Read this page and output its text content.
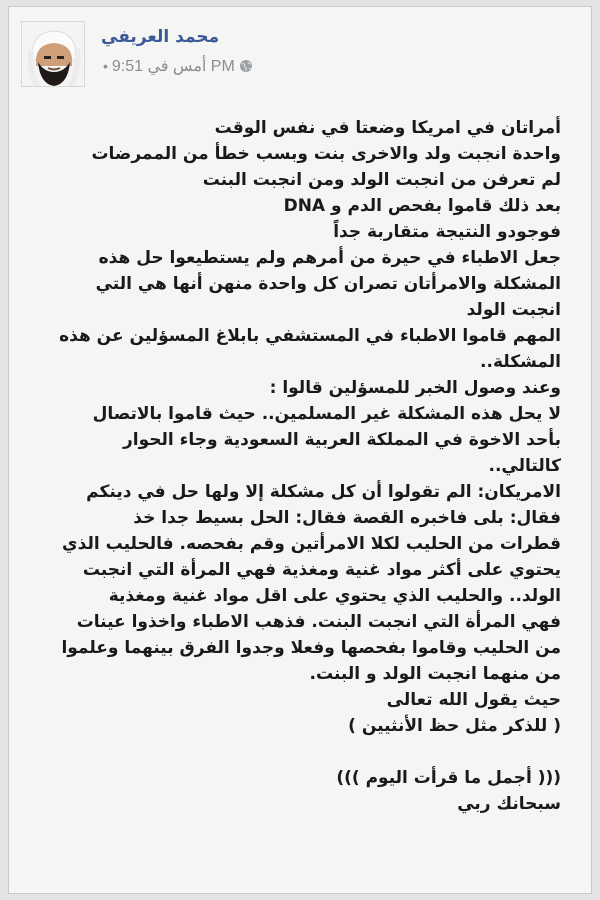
محمد العريفي
• أمس في 9:51 PM
أمراتان في امريكا وضعتا في نفس الوقت
واحدة انجبت ولد والاخرى بنت وبسب خطأ من الممرضات
لم تعرفن من انجبت الولد ومن انجبت البنت
بعد ذلك قاموا بفحص الدم و DNA
فوجودو النتيجة متقاربة جداً
جعل الاطباء في حيرة من أمرهم ولم يستطيعوا حل هذه
المشكلة والامرأتان تصران كل واحدة منهن أنها هي التي
انجبت الولد
المهم قاموا الاطباء في المستشفي بابلاغ المسؤلين عن هذه
المشكلة..
وعند وصول الخبر للمسؤلين قالوا :
لا يحل هذه المشكلة غير المسلمين.. حيث قاموا بالاتصال
بأحد الاخوة في المملكة العربية السعودية وجاء الحوار
كالتالي..
الامريكان: الم تقولوا أن كل مشكلة إلا ولها حل في دينكم
فقال: بلى فاخبره القصة فقال: الحل بسيط جدا خذ
قطرات من الحليب لكلا الامرأتين وقم بفحصه. فالحليب الذي
يحتوي على أكثر مواد غنية ومغذية فهي المرأة التي انجبت
الولد.. والحليب الذي يحتوي على اقل مواد غنية ومغذية
فهي المرأة التي انجبت البنت. فذهب الاطباء واخذوا عينات
من الحليب وقاموا بفحصها وفعلا وجدوا الفرق بينهما وعلموا
من منهما انجبت الولد و البنت.
حيث يقول الله تعالى
( للذكر مثل حظ الأنثيين )
((( أجمل ما قرأت اليوم )))
سبحانك ربي
